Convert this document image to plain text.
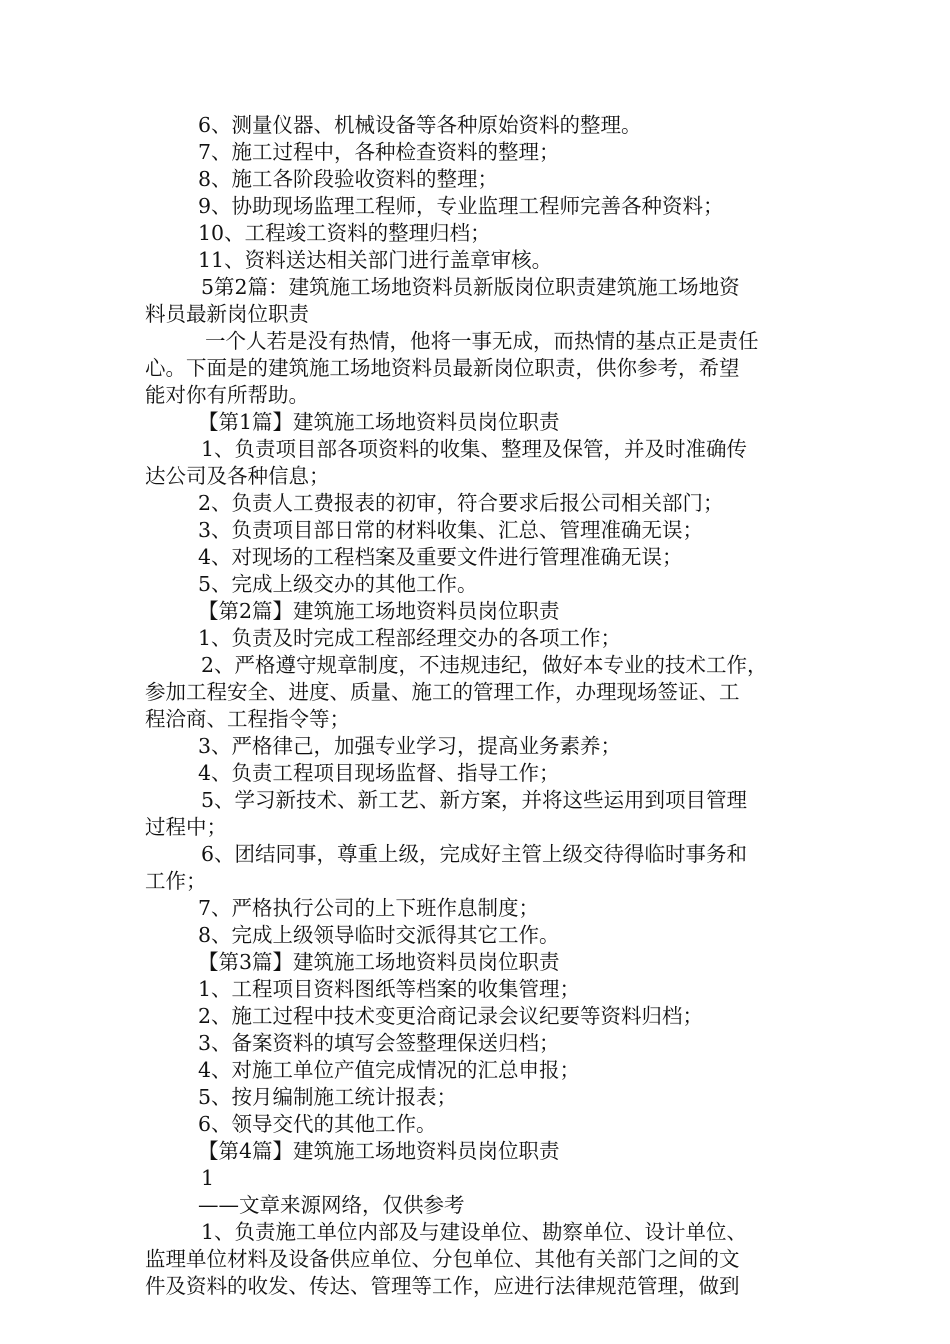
6、测量仪器、机械设备等各种原始资料的整理。
7、施工过程中，各种检查资料的整理；
8、施工各阶段验收资料的整理；
9、协助现场监理工程师，专业监理工程师完善各种资料；
10、工程竣工资料的整理归档；
11、资料送达相关部门进行盖章审核。
5第2篇：建筑施工场地资料员新版岗位职责建筑施工场地资
料员最新岗位职责
一个人若是没有热情，他将一事无成，而热情的基点正是责任
心。下面是的建筑施工场地资料员最新岗位职责，供你参考，希望
能对你有所帮助。
【第1篇】建筑施工场地资料员岗位职责
1、负责项目部各项资料的收集、整理及保管，并及时准确传
达公司及各种信息；
2、负责人工费报表的初审，符合要求后报公司相关部门；
3、负责项目部日常的材料收集、汇总、管理准确无误；
4、对现场的工程档案及重要文件进行管理准确无误；
5、完成上级交办的其他工作。
【第2篇】建筑施工场地资料员岗位职责
1、负责及时完成工程部经理交办的各项工作；
2、严格遵守规章制度，不违规违纪，做好本专业的技术工作，
参加工程安全、进度、质量、施工的管理工作，办理现场签证、工
程洽商、工程指令等；
3、严格律己，加强专业学习，提高业务素养；
4、负责工程项目现场监督、指导工作；
5、学习新技术、新工艺、新方案，并将这些运用到项目管理
过程中；
6、团结同事，尊重上级，完成好主管上级交待得临时事务和
工作；
7、严格执行公司的上下班作息制度；
8、完成上级领导临时交派得其它工作。
【第3篇】建筑施工场地资料员岗位职责
1、工程项目资料图纸等档案的收集管理；
2、施工过程中技术变更洽商记录会议纪要等资料归档；
3、备案资料的填写会签整理保送归档；
4、对施工单位产值完成情况的汇总申报；
5、按月编制施工统计报表；
6、领导交代的其他工作。
【第4篇】建筑施工场地资料员岗位职责
1
——文章来源网络，仅供参考
1、负责施工单位内部及与建设单位、勘察单位、设计单位、
监理单位材料及设备供应单位、分包单位、其他有关部门之间的文
件及资料的收发、传达、管理等工作，应进行法律规范管理，做到
